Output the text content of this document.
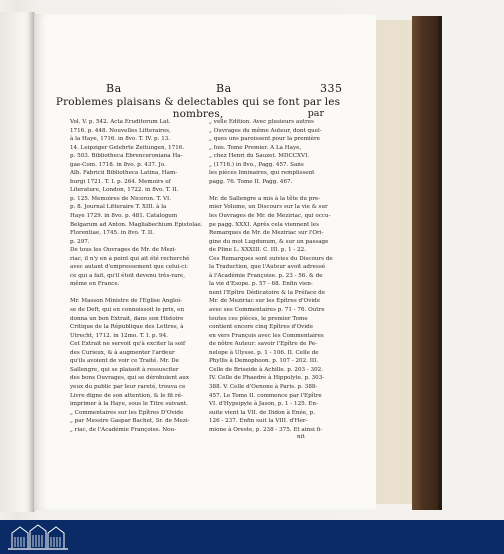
Ba	Ba	335
Problemes plaisans & delectables qui se font par les nombres,	par

Vol. V. p. 542. Acta Eruditorum Lat.

1716. p. 448. Nouvelles Litteraires,

à la Haye, 1716. in 8vo. T. IV. p. 13.

14. Leipziger Gelehrte Zeitungen, 1716.

p. 503. Bibliotheca Ebrenceroniana Ha-

gae-Com. 1718. in 8vo. p. 437. Jo.

Alb. Fabricii Bibliotheca Latina, Ham-

burgi 1721. T. I. p. 264. Memoirs of

Literature, London, 1722. in 8vo. T. II.

p. 125. Memoires de Niceron. T. VI.

p. 8. Journal Litteraire T. XIII. à la

Haye 1729. in 8vo. p. 481. Catalogum

Belgarum ad Anton. Magliabechium Epistolae.

Florentiae, 1745. in 8vo. T. II.

p. 297.

De tous les Ouvrages de Mr. de Mezi-

riac, il n'y en a point qui ait été recherché

avec autant d'empressement que celui-ci:

ce qui a fait, qu'il étoit devenu très-rare,

même en France.

Mr. Masson Ministre de l'Eglise Angloi-

se de Deft, qui en connoissoit le prix, en

donna un bon Extrait, dans son Histoire

Critique de la République des Lettres, à

Utrecht, 1712. in 12mo. T. I. p. 94.

Cet Extrait ne servoit qu'à exciter la soif

des Curieux, & à augmenter l'ardeur

qu'ils avoient de voir ce Traité. Mr. De

Sallengre, qui se plaisoit à ressusciter

des bons Ouvrages, qui se dérobuient aux

yeux du public par leur rareté, trouva ce

Livre digne de son attention, & le fit ré-

imprimer à la Haye, sous le Titre suivant.

„ Commentaires sur les Epîtres D'Ovide

„ par Messire Gaspar Bachet, Sr. de Mezi-

„ riac, de l'Académie Françoise. Nou-

„ velle Edition. Avec plusieurs autres

„ Ouvrages du même Auteur, dont quel-

„ ques uns paroissent pour la première

„ fois. Tome Premier. A La Haye,

„ chez Henri du Sauzet. MDCCXVI.

„ (1716.) in 8vo., Pagg. 457. Sans

les pièces liminaires, qui remplissent

pagg. 76. Tome II. Pagg. 467.

Mr. de Sallengre a mis à la tête du pre-

mier Volume, un Discours sur la vie & sur

les Ouvrages de Mr. de Meziriac, qui occu-

pe pagg. XXXI. Après cela viennent les

Remarques de Mr. de Meziriac sur l'Ori-

gine du mot Lugdunum, & sur un passage

de Pline L. XXXIII. C. III. p. 1 - 22.

Ces Remarques sont suivies du Discours de

la Traduction, que l'Auteur avoit adressé

à l'Académie Françoise. p. 23 - 56. & de

la vie d'Esope. p. 57 - 68. Enfin vien-

nent l'Epître Dédicatoire & la Préface de

Mr. de Meziriac sur les Epîtres d'Ovide

avec ses Commentaires p. 71 - 76. Outre

toutes ces pièces, le premier Tome

contient encore cinq Epîtres d'Ovide

en vers François avec les Commentaires

de nôtre Auteur: savoir l'Epître de Pe-

nelope à Ulysse. p. 1 - 106. II. Celle de

Phyllis à Demophoon. p. 107 - 202. III.

Celle de Briseide à Achille. p. 203 - 302.

IV. Celle de Phaedre à Hippolyte. p. 303-

388. V. Celle d'Oenone à Paris. p. 388-

457. Le Tome II. commence par l'Epître

VI. d'Hypsipyle à Jason, p. 1 - 125. En-

suite vient la VII. de Didon à Enée, p.

126 - 237. Enfin suit la VIII. d'Her-

mione à Oreste, p. 238 - 375. Et ainsi fi-

nit
